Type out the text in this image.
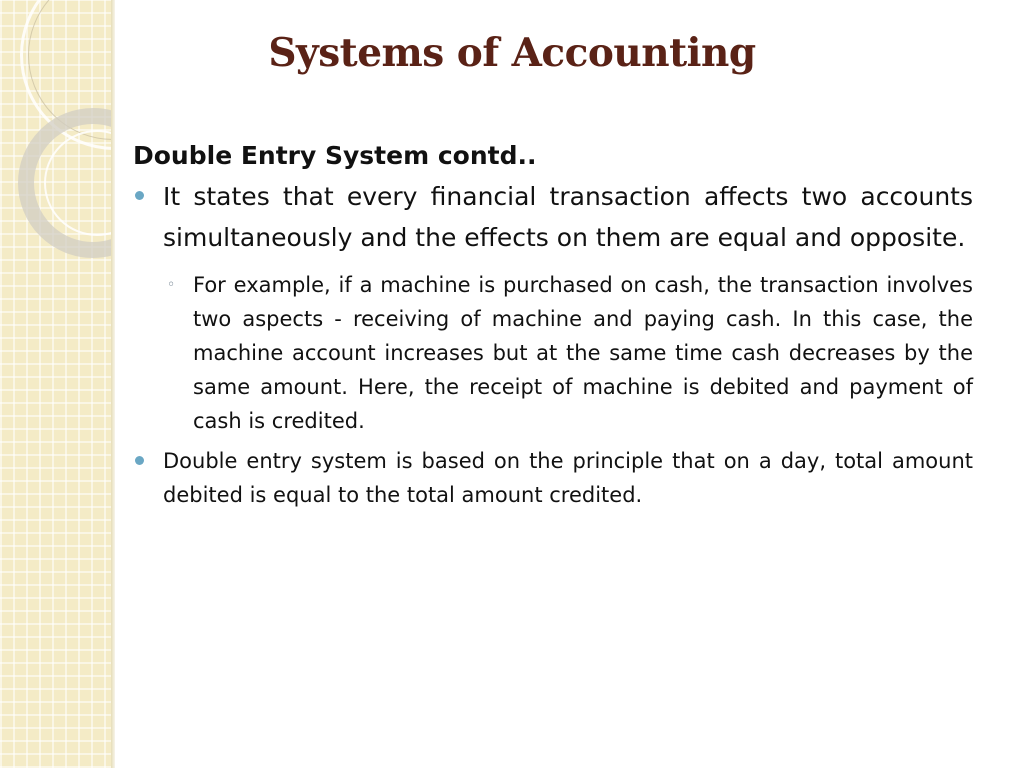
Systems of Accounting

Double Entry System contd..

It states that every financial transaction affects two accounts simultaneously and the effects on them are equal and opposite.
◦ For example, if a machine is purchased on cash, the transaction involves two aspects - receiving of machine and paying cash. In this case, the machine account increases but at the same time cash decreases by the same amount. Here, the receipt of machine is debited and payment of cash is credited.
Double entry system is based on the principle that on a day, total amount debited is equal to the total amount credited.
